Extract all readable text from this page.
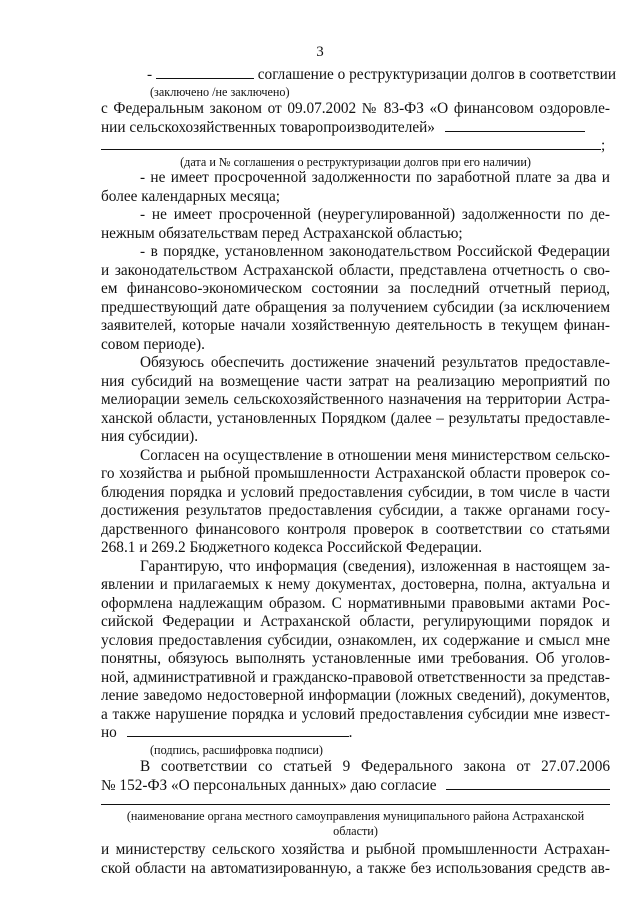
3
-	соглашение о реструктуризации долгов в соответствии
(заключено /не заключено)
с Федеральным законом от 09.07.2002 № 83-ФЗ «О финансовом оздоровле-
нии сельскохозяйственных товаропроизводителей»
;
(дата и № соглашения о реструктуризации долгов при его наличии)
- не имеет просроченной задолженности по заработной плате за два и
более календарных месяца;
- не имеет просроченной (неурегулированной) задолженности по де-
нежным обязательствам перед Астраханской областью;
- в порядке, установленном законодательством Российской Федерации
и законодательством Астраханской области, представлена отчетность о сво-
ем финансово-экономическом состоянии за последний отчетный период,
предшествующий дате обращения за получением субсидии (за исключением
заявителей, которые начали хозяйственную деятельность в текущем финан-
совом периоде).
Обязуюсь обеспечить достижение значений результатов предоставле-
ния субсидий на возмещение части затрат на реализацию мероприятий по
мелиорации земель сельскохозяйственного назначения на территории Астра-
ханской области, установленных Порядком (далее – результаты предоставле-
ния субсидии).
Согласен на осуществление в отношении меня министерством сельско-
го хозяйства и рыбной промышленности Астраханской области проверок со-
блюдения порядка и условий предоставления субсидии, в том числе в части
достижения результатов предоставления субсидии, а также органами госу-
дарственного финансового контроля проверок в соответствии со статьями
268.1 и 269.2 Бюджетного кодекса Российской Федерации.
Гарантирую, что информация (сведения), изложенная в настоящем за-
явлении и прилагаемых к нему документах, достоверна, полна, актуальна и
оформлена надлежащим образом. С нормативными правовыми актами Рос-
сийской Федерации и Астраханской области, регулирующими порядок и
условия предоставления субсидии, ознакомлен, их содержание и смысл мне
понятны, обязуюсь выполнять установленные ими требования. Об уголов-
ной, административной и гражданско-правовой ответственности за представ-
ление заведомо недостоверной информации (ложных сведений), документов,
а также нарушение порядка и условий предоставления субсидии мне извест-
но	.
(подпись, расшифровка подписи)
В соответствии со статьей 9 Федерального закона от 27.07.2006
№ 152-ФЗ «О персональных данных» даю согласие
(наименование органа местного самоуправления муниципального района Астраханской
области)
и министерству сельского хозяйства и рыбной промышленности Астрахан-
ской области на автоматизированную, а также без использования средств ав-
